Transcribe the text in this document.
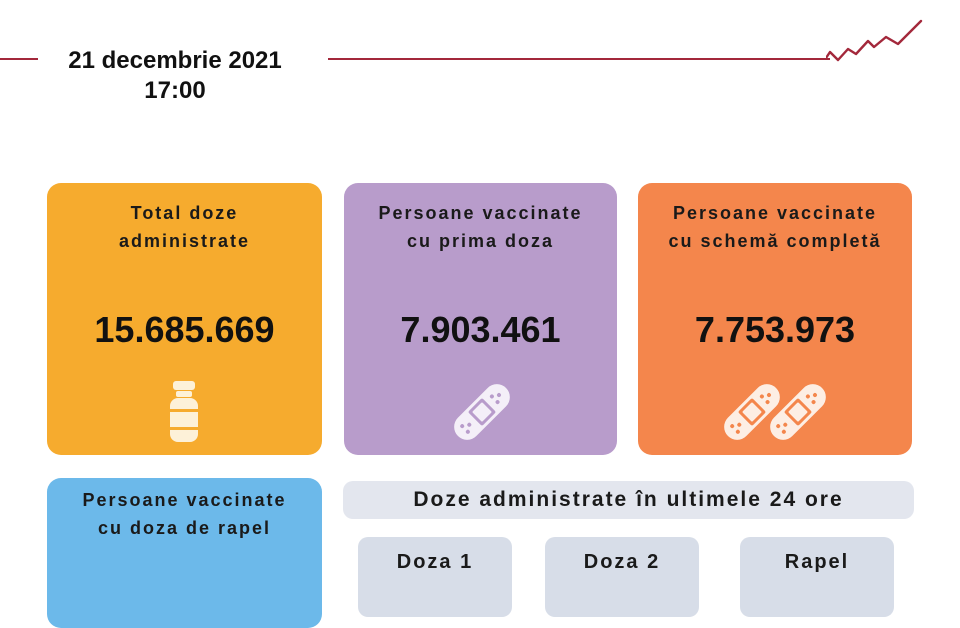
21 decembrie 2021
17:00
Total doze
administrate
15.685.669
Persoane vaccinate
cu prima doza
7.903.461
Persoane vaccinate
cu schemă completă
7.753.973
Persoane vaccinate
cu doza de rapel
Doze administrate în ultimele 24 ore
Doza 1	Doza 2	Rapel
